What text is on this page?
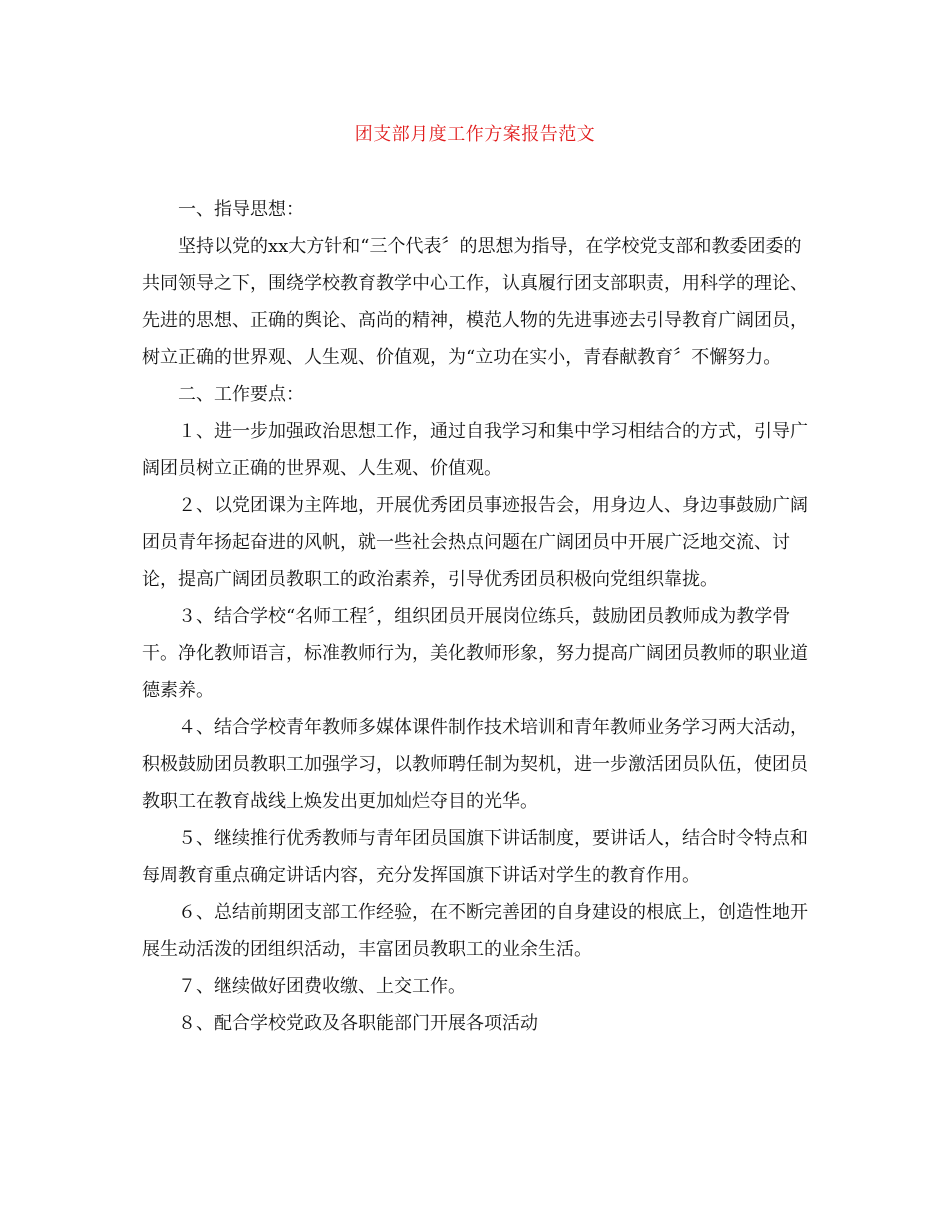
团支部月度工作方案报告范文

一、指导思想：

坚持以党的xx大方针和“三个代表〞的思想为指导，在学校党支部和教委团委的共同领导之下，围绕学校教育教学中心工作，认真履行团支部职责，用科学的理论、先进的思想、正确的舆论、高尚的精神，模范人物的先进事迹去引导教育广阔团员，树立正确的世界观、人生观、价值观，为“立功在实小，青春献教育〞不懈努力。

二、工作要点：

１、进一步加强政治思想工作，通过自我学习和集中学习相结合的方式，引导广阔团员树立正确的世界观、人生观、价值观。

２、以党团课为主阵地，开展优秀团员事迹报告会，用身边人、身边事鼓励广阔团员青年扬起奋进的风帆，就一些社会热点问题在广阔团员中开展广泛地交流、讨论，提高广阔团员教职工的政治素养，引导优秀团员积极向党组织靠拢。

３、结合学校“名师工程〞，组织团员开展岗位练兵，鼓励团员教师成为教学骨干。净化教师语言，标准教师行为，美化教师形象，努力提高广阔团员教师的职业道德素养。

４、结合学校青年教师多媒体课件制作技术培训和青年教师业务学习两大活动，积极鼓励团员教职工加强学习，以教师聘任制为契机，进一步激活团员队伍，使团员教职工在教育战线上焕发出更加灿烂夺目的光华。

５、继续推行优秀教师与青年团员国旗下讲话制度，要讲话人，结合时令特点和每周教育重点确定讲话内容，充分发挥国旗下讲话对学生的教育作用。

６、总结前期团支部工作经验，在不断完善团的自身建设的根底上，创造性地开展生动活泼的团组织活动，丰富团员教职工的业余生活。

７、继续做好团费收缴、上交工作。

８、配合学校党政及各职能部门开展各项活动
